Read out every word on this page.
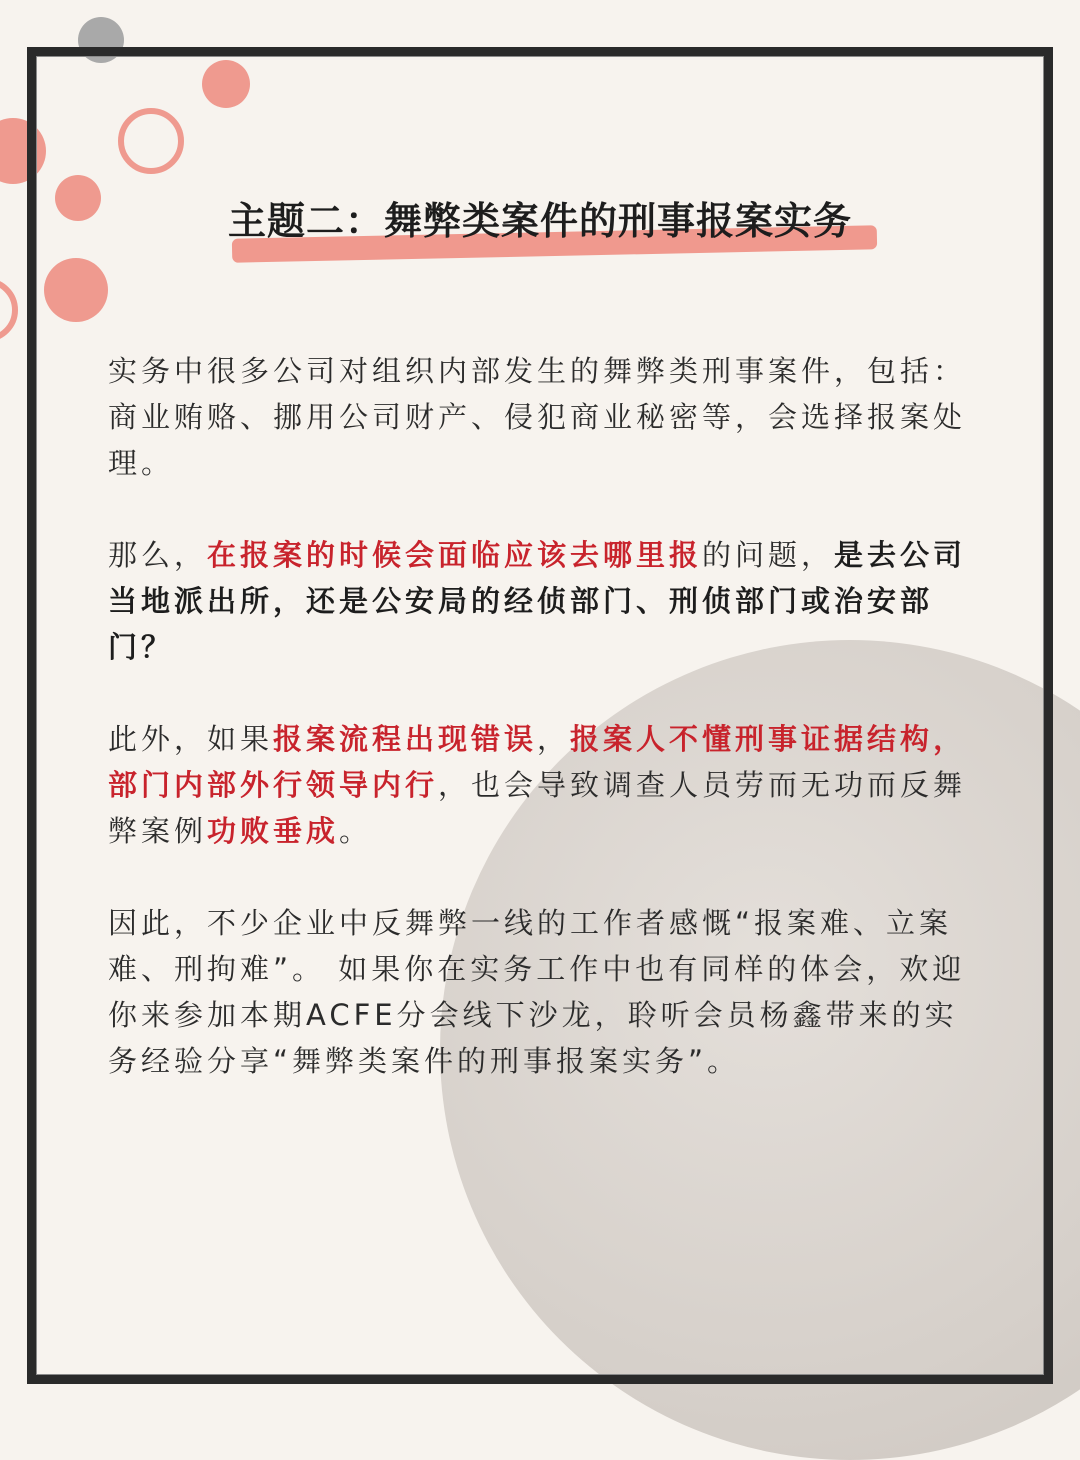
主题二：舞弊类案件的刑事报案实务

实务中很多公司对组织内部发生的舞弊类刑事案件，包括：商业贿赂、挪用公司财产、侵犯商业秘密等，会选择报案处理。

那么，在报案的时候会面临应该去哪里报的问题，是去公司当地派出所，还是公安局的经侦部门、刑侦部门或治安部门？

此外，如果报案流程出现错误，报案人不懂刑事证据结构，部门内部外行领导内行，也会导致调查人员劳而无功而反舞弊案例功败垂成。

因此，不少企业中反舞弊一线的工作者感慨“报案难、立案难、刑拘难”。 如果你在实务工作中也有同样的体会，欢迎你来参加本期ACFE分会线下沙龙，聆听会员杨鑫带来的实务经验分享“舞弊类案件的刑事报案实务”。
